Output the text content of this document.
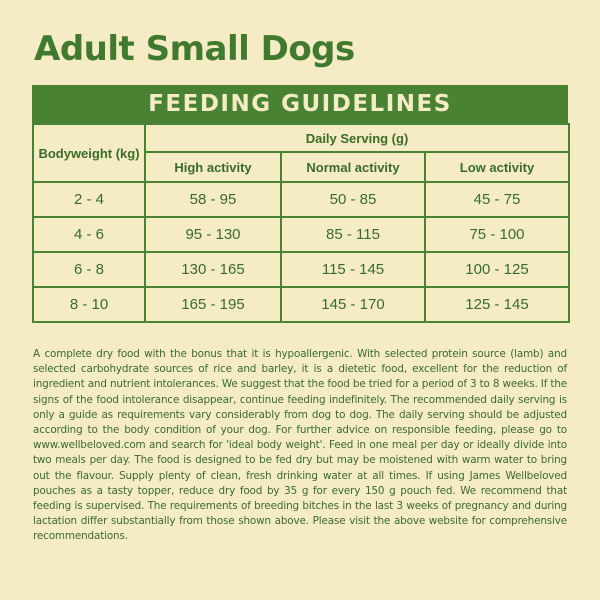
Adult Small Dogs
FEEDING GUIDELINES
Bodyweight (kg)	Daily Serving (g)		
	High activity	Normal activity	Low activity
2 - 4	58 - 95	50 - 85	45 - 75
4 - 6	95 - 130	85 - 115	75 - 100
6 - 8	130 - 165	115 - 145	100 - 125
8 - 10	165 - 195	145 - 170	125 - 145

A complete dry food with the bonus that it is hypoallergenic. With selected protein source (lamb) and selected carbohydrate sources of rice and barley, it is a dietetic food, excellent for the reduction of ingredient and nutrient intolerances. We suggest that the food be tried for a period of 3 to 8 weeks. If the signs of the food intolerance disappear, continue feeding indefinitely. The recommended daily serving is only a guide as requirements vary considerably from dog to dog. The daily serving should be adjusted according to the body condition of your dog. For further advice on responsible feeding, please go to www.wellbeloved.com and search for 'ideal body weight'. Feed in one meal per day or ideally divide into two meals per day. The food is designed to be fed dry but may be moistened with warm water to bring out the flavour. Supply plenty of clean, fresh drinking water at all times. If using James Wellbeloved pouches as a tasty topper, reduce dry food by 35 g for every 150 g pouch fed. We recommend that feeding is supervised. The requirements of breeding bitches in the last 3 weeks of pregnancy and during lactation differ substantially from those shown above. Please visit the above website for comprehensive recommendations.
